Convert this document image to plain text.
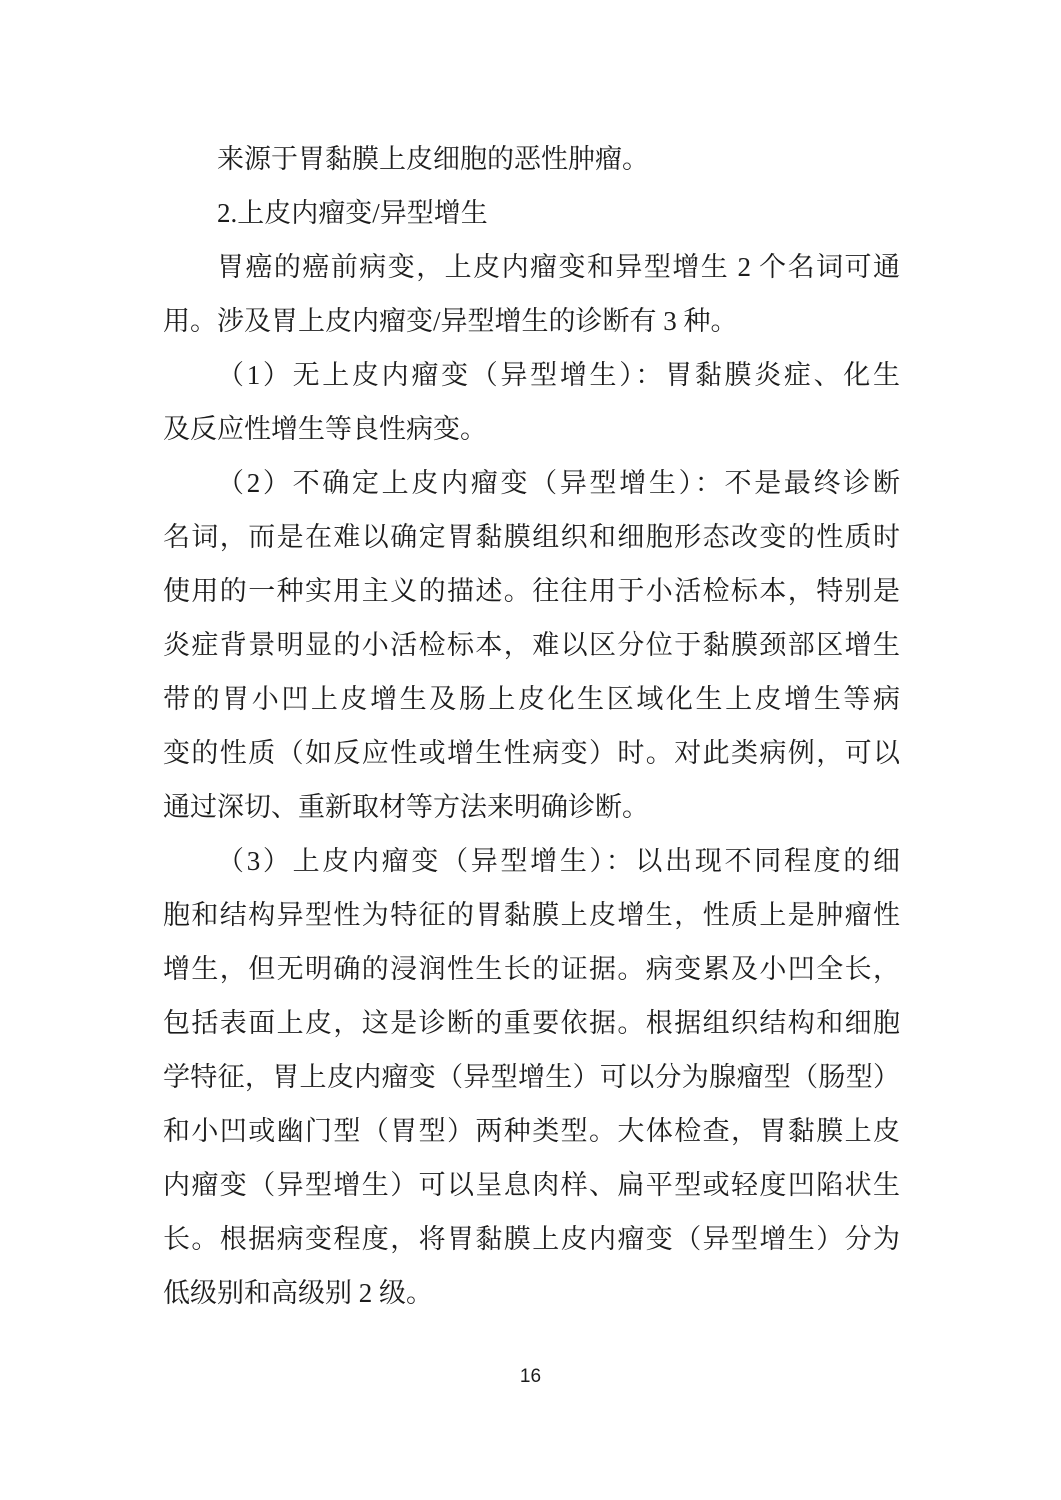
来源于胃黏膜上皮细胞的恶性肿瘤。
2.上皮内瘤变/异型增生
胃癌的癌前病变，上皮内瘤变和异型增生 2 个名词可通
用。涉及胃上皮内瘤变/异型增生的诊断有 3 种。
（1）无上皮内瘤变（异型增生）：胃黏膜炎症、化生
及反应性增生等良性病变。
（2）不确定上皮内瘤变（异型增生）：不是最终诊断
名词，而是在难以确定胃黏膜组织和细胞形态改变的性质时
使用的一种实用主义的描述。往往用于小活检标本，特别是
炎症背景明显的小活检标本，难以区分位于黏膜颈部区增生
带的胃小凹上皮增生及肠上皮化生区域化生上皮增生等病
变的性质（如反应性或增生性病变）时。对此类病例，可以
通过深切、重新取材等方法来明确诊断。
（3）上皮内瘤变（异型增生）：以出现不同程度的细
胞和结构异型性为特征的胃黏膜上皮增生，性质上是肿瘤性
增生，但无明确的浸润性生长的证据。病变累及小凹全长，
包括表面上皮，这是诊断的重要依据。根据组织结构和细胞
学特征，胃上皮内瘤变（异型增生）可以分为腺瘤型（肠型）
和小凹或幽门型（胃型）两种类型。大体检查，胃黏膜上皮
内瘤变（异型增生）可以呈息肉样、扁平型或轻度凹陷状生
长。根据病变程度，将胃黏膜上皮内瘤变（异型增生）分为
低级别和高级别 2 级。
16
